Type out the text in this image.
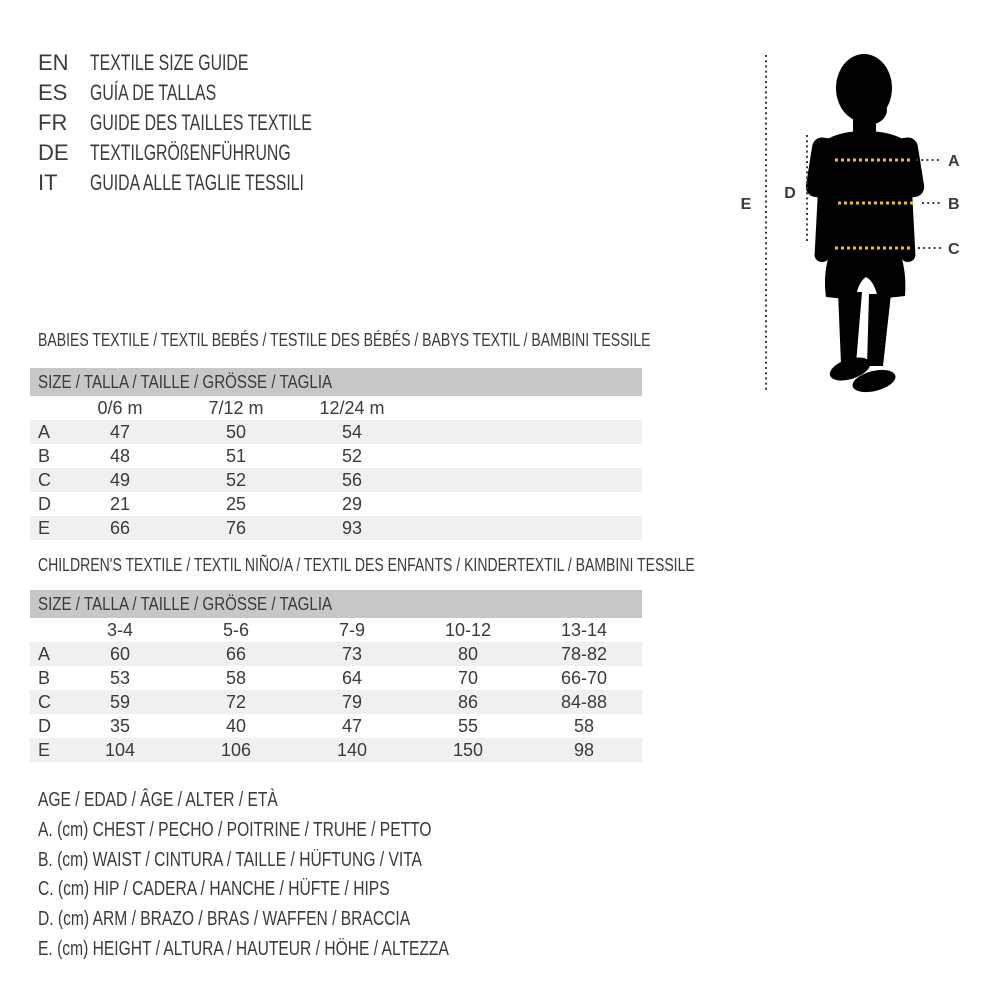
EN TEXTILE SIZE GUIDE
ES	GUÍA DE TALLAS
FR	GUIDE DES TAILLES TEXTILE
DE TEXTILGRÖßENFÜHRUNG
IT	GUIDA ALLE TAGLIE TESSILI
A
B
C
D
E
BABIES TEXTILE / TEXTIL BEBÉS / TESTILE DES BÉBÉS / BABYS TEXTIL / BAMBINI TESSILE
SIZE / TALLA / TAILLE / GRÖSSE / TAGLIA
0/6 m	7/12 m	12/24 m
A	47	50	54
B	48	51	52
C	49	52	56
D	21	25	29
E	66	76	93
CHILDREN'S TEXTILE / TEXTIL NIÑO/A / TEXTIL DES ENFANTS / KINDERTEXTIL / BAMBINI TESSILE
SIZE / TALLA / TAILLE / GRÖSSE / TAGLIA
3-4	5-6	7-9	10-12	13-14
A	60	66	73	80	78-82
B	53	58	64	70	66-70
C	59	72	79	86	84-88
D	35	40	47	55	58
E	104	106	140	150	98
AGE / EDAD / ÂGE / ALTER / ETÀ
A. (cm) CHEST / PECHO / POITRINE / TRUHE / PETTO
B. (cm) WAIST / CINTURA / TAILLE / HÜFTUNG / VITA
C. (cm) HIP / CADERA / HANCHE / HÜFTE / HIPS
D. (cm) ARM / BRAZO / BRAS / WAFFEN / BRACCIA
E. (cm) HEIGHT / ALTURA / HAUTEUR / HÖHE / ALTEZZA
